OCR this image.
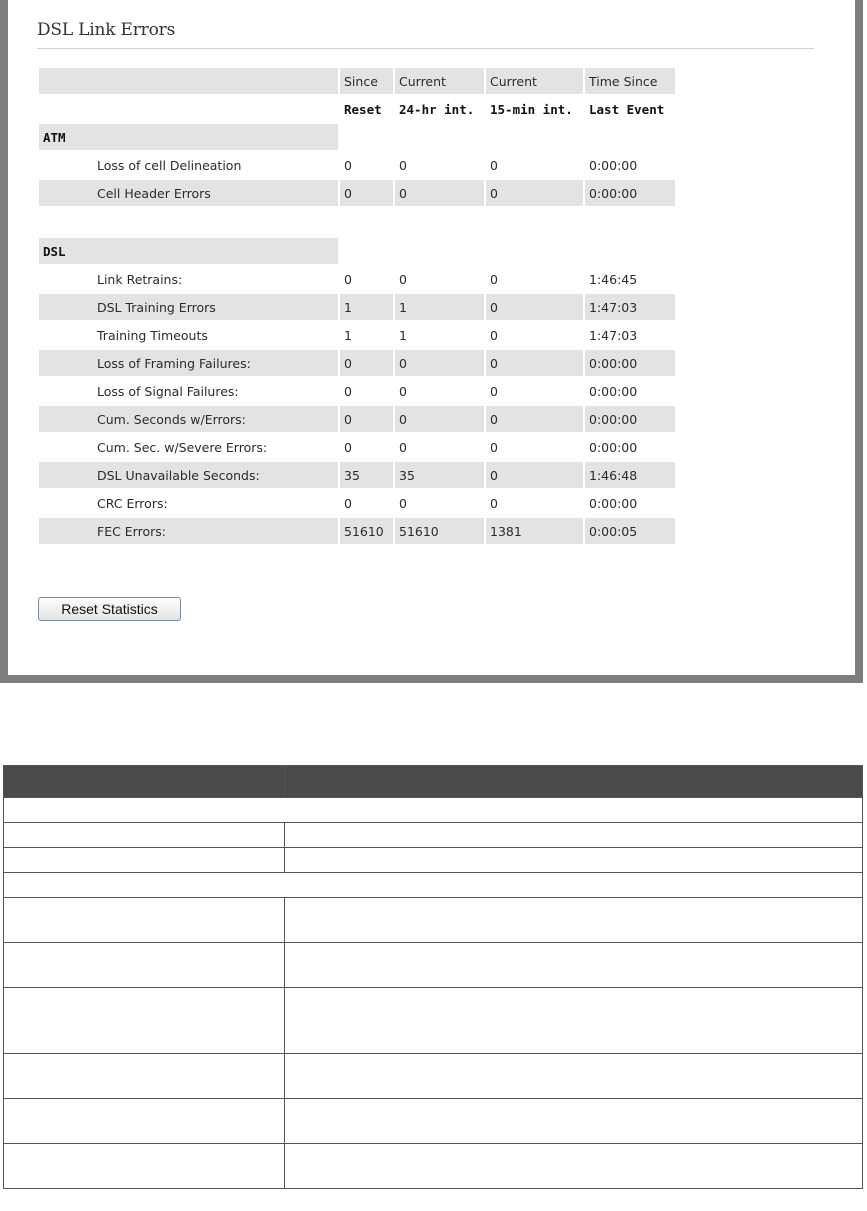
DSL Link Errors
	Since	Current	Current	Time Since
	Reset	24-hr int.	15-min int.	Last Event
ATM				
Loss of cell Delineation	0	0	0	0:00:00
Cell Header Errors	0	0	0	0:00:00

DSL				
Link Retrains:	0	0	0	1:46:45
DSL Training Errors	1	1	0	1:47:03
Training Timeouts	1	1	0	1:47:03
Loss of Framing Failures:	0	0	0	0:00:00
Loss of Signal Failures:	0	0	0	0:00:00
Cum. Seconds w/Errors:	0	0	0	0:00:00
Cum. Sec. w/Severe Errors:	0	0	0	0:00:00
DSL Unavailable Seconds:	35	35	0	1:46:48
CRC Errors:	0	0	0	0:00:00
FEC Errors:	51610	51610	1381	0:00:05
Reset Statistics
